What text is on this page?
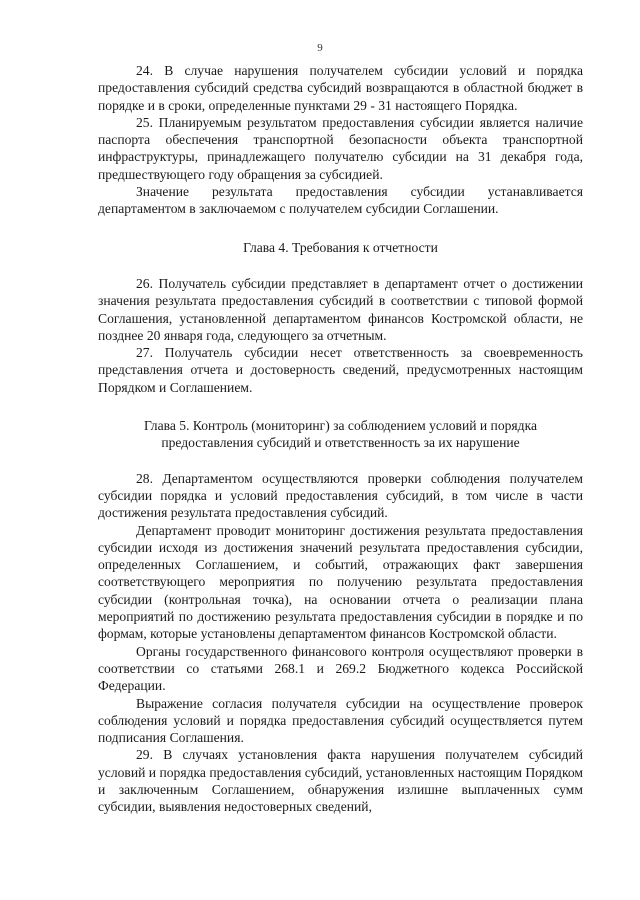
9

24. В случае нарушения получателем субсидии условий и порядка предоставления субсидий средства субсидий возвращаются в областной бюджет в порядке и в сроки, определенные пунктами 29 - 31 настоящего Порядка.

25. Планируемым результатом предоставления субсидии является наличие паспорта обеспечения транспортной безопасности объекта транспортной инфраструктуры, принадлежащего получателю субсидии на 31 декабря года, предшествующего году обращения за субсидией.

Значение результата предоставления субсидии устанавливается департаментом в заключаемом с получателем субсидии Соглашении.

Глава 4. Требования к отчетности

26. Получатель субсидии представляет в департамент отчет о достижении значения результата предоставления субсидий в соответствии с типовой формой Соглашения, установленной департаментом финансов Костромской области, не позднее 20 января года, следующего за отчетным.

27. Получатель субсидии несет ответственность за своевременность представления отчета и достоверность сведений, предусмотренных настоящим Порядком и Соглашением.

Глава 5. Контроль (мониторинг) за соблюдением условий и порядка

предоставления субсидий и ответственность за их нарушение

28. Департаментом осуществляются проверки соблюдения получателем субсидии порядка и условий предоставления субсидий, в том числе в части достижения результата предоставления субсидий.

Департамент проводит мониторинг достижения результата предоставления субсидии исходя из достижения значений результата предоставления субсидии, определенных Соглашением, и событий, отражающих факт завершения соответствующего мероприятия по получению результата предоставления субсидии (контрольная точка), на основании отчета о реализации плана мероприятий по достижению результата предоставления субсидии в порядке и по формам, которые установлены департаментом финансов Костромской области.

Органы государственного финансового контроля осуществляют проверки в соответствии со статьями 268.1 и 269.2 Бюджетного кодекса Российской Федерации.

Выражение согласия получателя субсидии на осуществление проверок соблюдения условий и порядка предоставления субсидий осуществляется путем подписания Соглашения.

29. В случаях установления факта нарушения получателем субсидий условий и порядка предоставления субсидий, установленных настоящим Порядком и заключенным Соглашением, обнаружения излишне выплаченных сумм субсидии, выявления недостоверных сведений,
